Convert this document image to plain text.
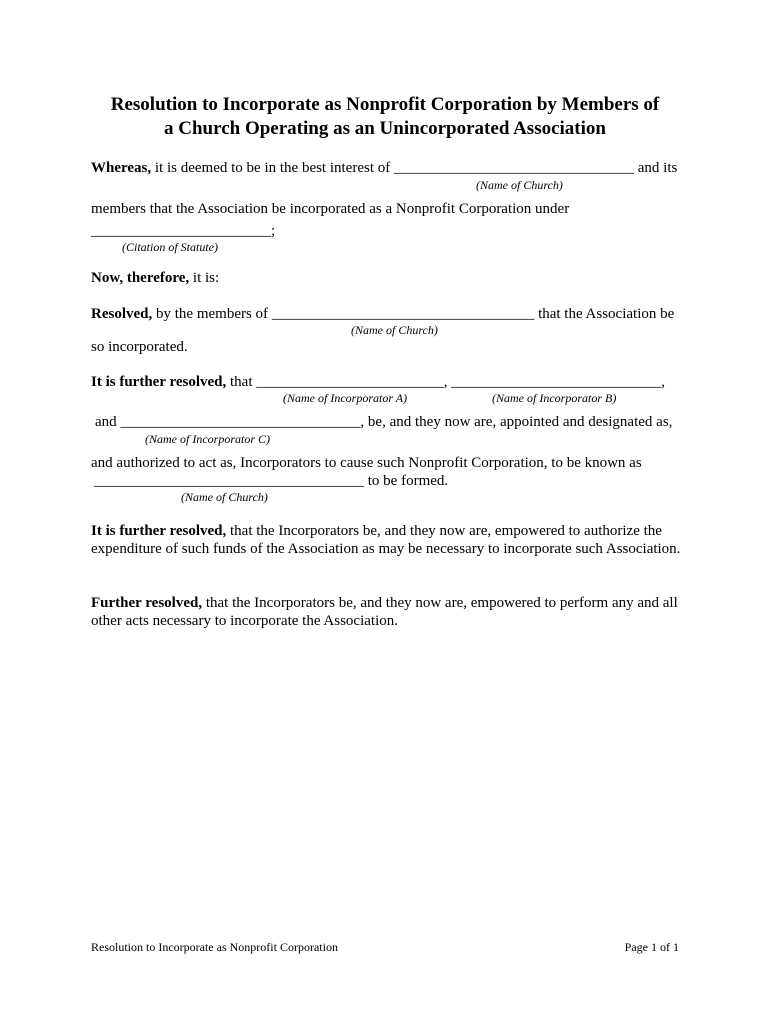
Resolution to Incorporate as Nonprofit Corporation by Members of
a Church Operating as an Unincorporated Association
Whereas, it is deemed to be in the best interest of ________________________________ and its
(Name of Church)
members that the Association be incorporated as a Nonprofit Corporation under
________________________;
(Citation of Statute)
Now, therefore, it is:
Resolved, by the members of ___________________________________ that the Association be
(Name of Church)
so incorporated.
It is further resolved, that _________________________, ____________________________,
(Name of Incorporator A)	(Name of Incorporator B)
and ________________________________, be, and they now are, appointed and designated as,
(Name of Incorporator C)
and authorized to act as, Incorporators to cause such Nonprofit Corporation, to be known as
____________________________________ to be formed.
(Name of Church)
It is further resolved, that the Incorporators be, and they now are, empowered to authorize the expenditure of such funds of the Association as may be necessary to incorporate such Association.
Further resolved, that the Incorporators be, and they now are, empowered to perform any and all other acts necessary to incorporate the Association.
Resolution to Incorporate as Nonprofit Corporation	Page 1 of 1
